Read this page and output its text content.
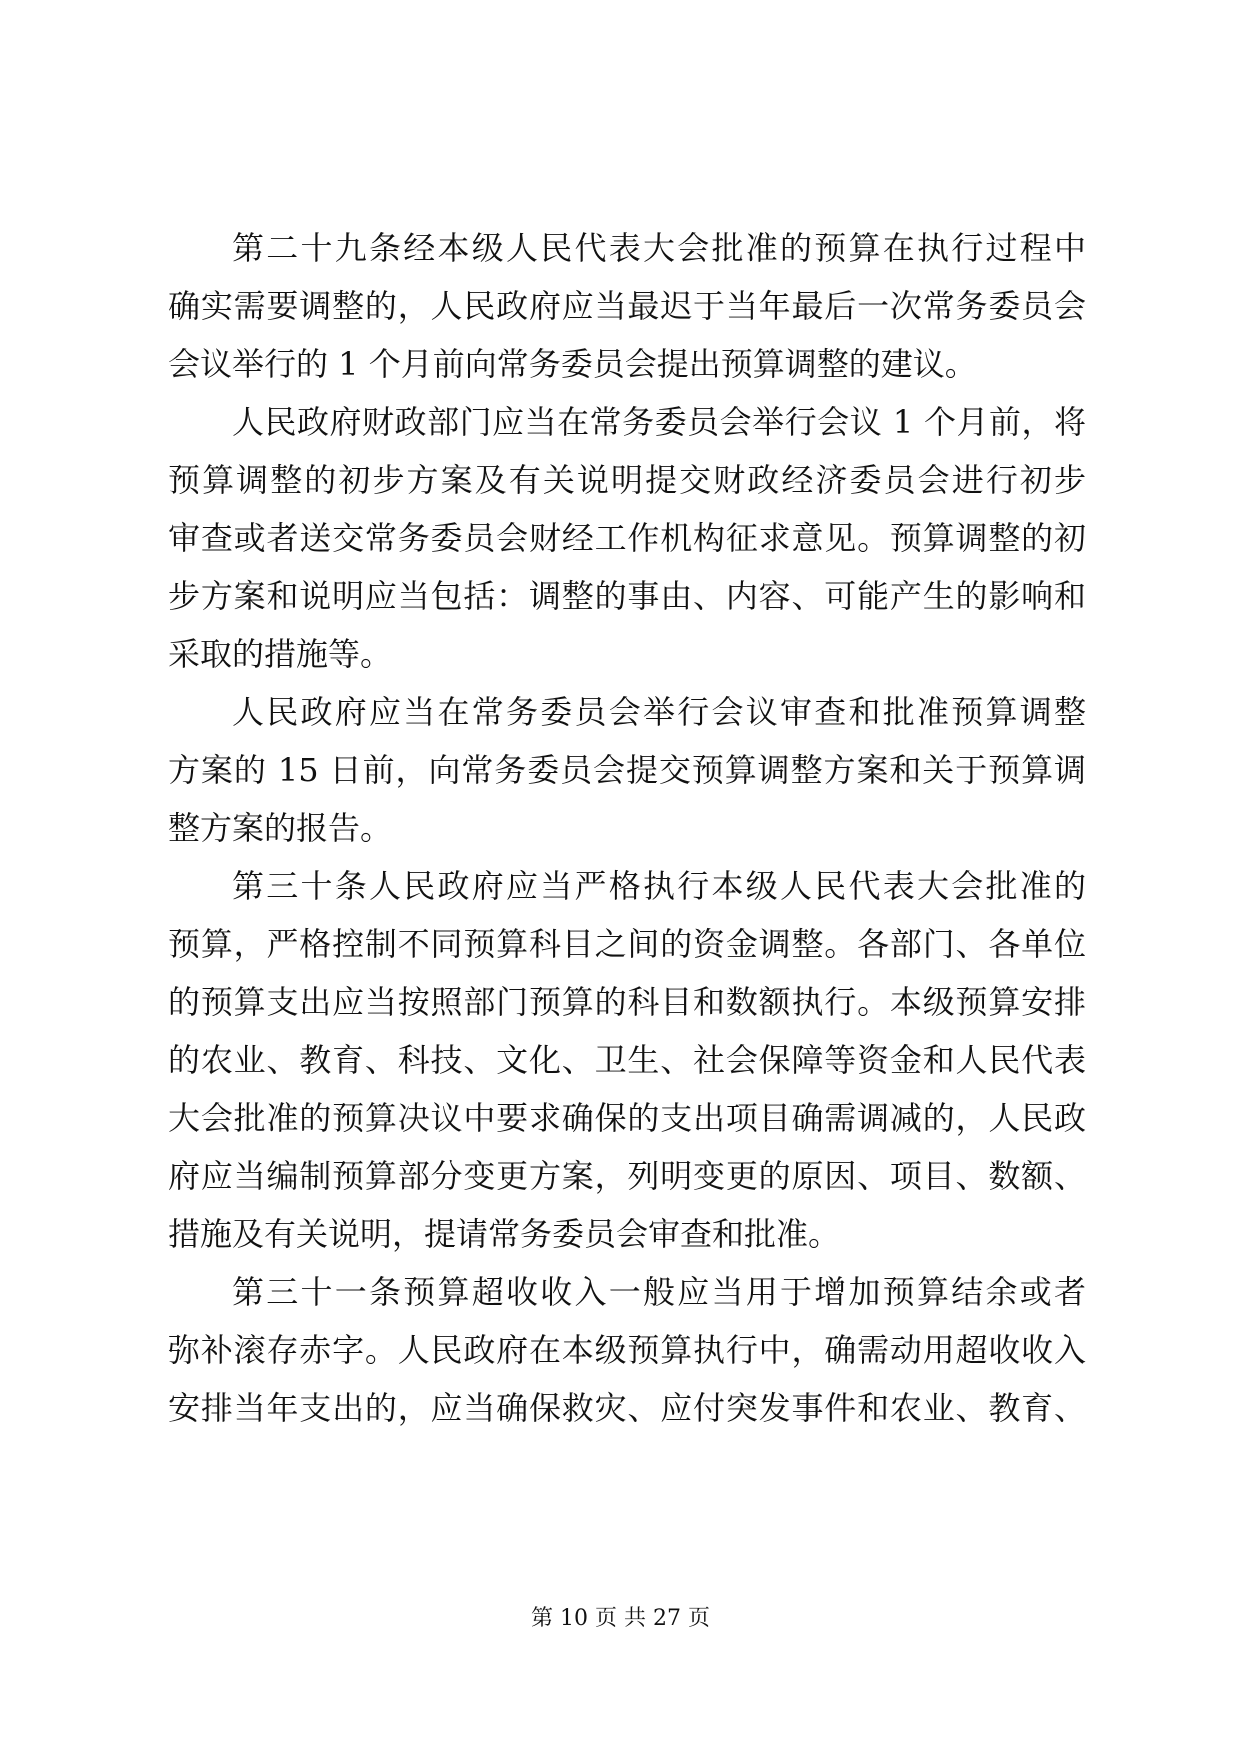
第二十九条经本级人民代表大会批准的预算在执行过程中
确实需要调整的，人民政府应当最迟于当年最后一次常务委员会
会议举行的 1 个月前向常务委员会提出预算调整的建议。
人民政府财政部门应当在常务委员会举行会议 1 个月前，将
预算调整的初步方案及有关说明提交财政经济委员会进行初步
审查或者送交常务委员会财经工作机构征求意见。预算调整的初
步方案和说明应当包括：调整的事由、内容、可能产生的影响和
采取的措施等。
人民政府应当在常务委员会举行会议审查和批准预算调整
方案的 15 日前，向常务委员会提交预算调整方案和关于预算调
整方案的报告。
第三十条人民政府应当严格执行本级人民代表大会批准的
预算，严格控制不同预算科目之间的资金调整。各部门、各单位
的预算支出应当按照部门预算的科目和数额执行。本级预算安排
的农业、教育、科技、文化、卫生、社会保障等资金和人民代表
大会批准的预算决议中要求确保的支出项目确需调减的，人民政
府应当编制预算部分变更方案，列明变更的原因、项目、数额、
措施及有关说明，提请常务委员会审查和批准。
第三十一条预算超收收入一般应当用于增加预算结余或者
弥补滚存赤字。人民政府在本级预算执行中，确需动用超收收入
安排当年支出的，应当确保救灾、应付突发事件和农业、教育、
第 10 页 共 27 页
